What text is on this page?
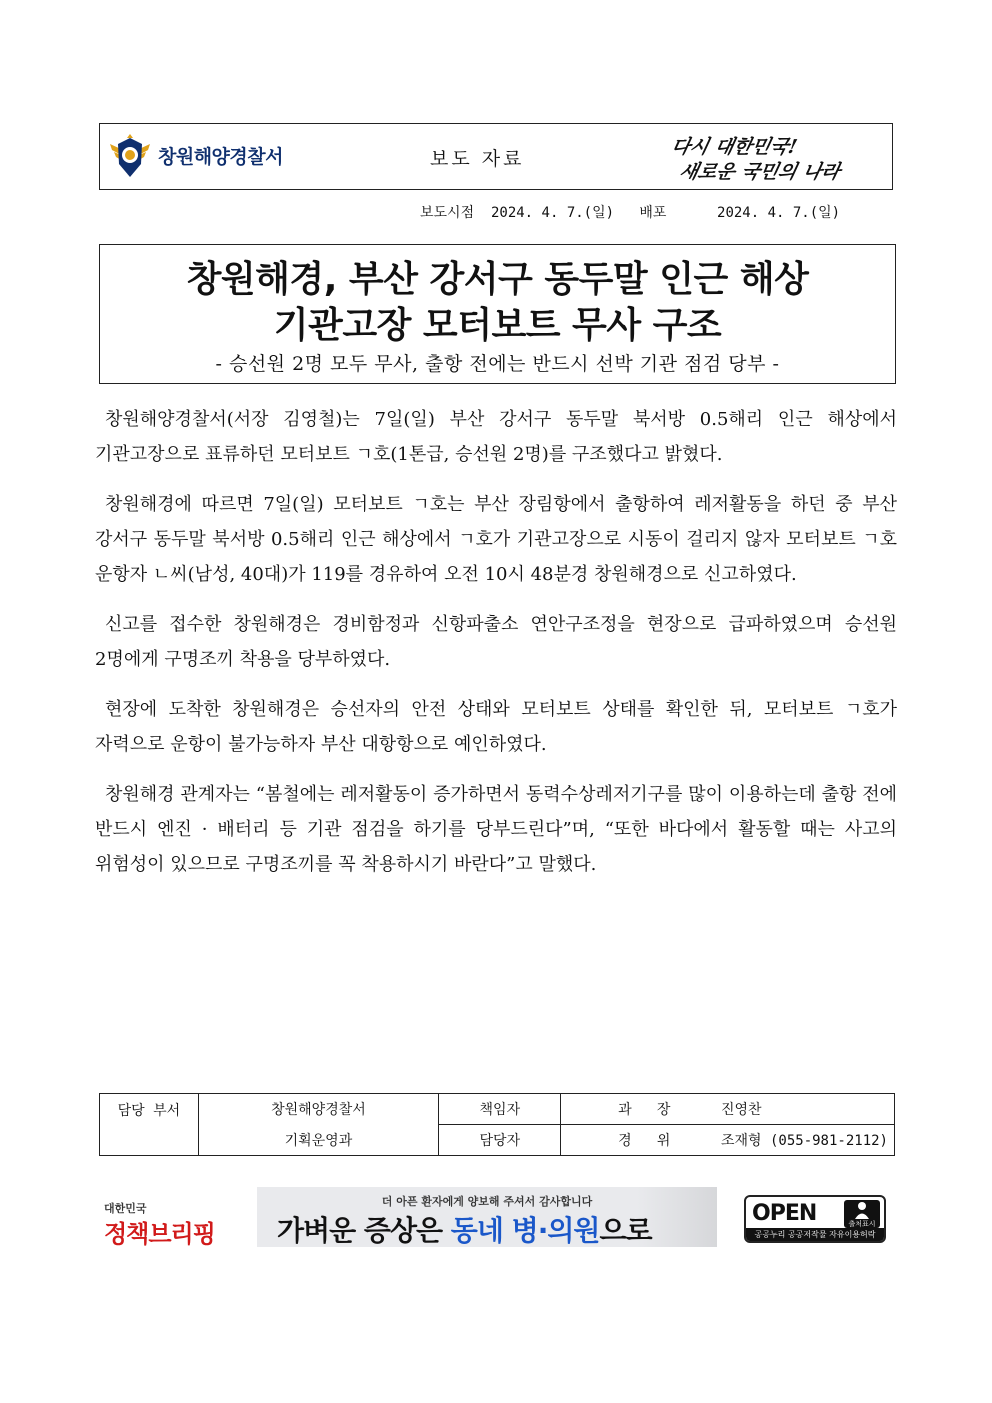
창원해양경찰서	보도 자료
다시 대한민국!
새로운 국민의 나라
보도시점 2024. 4. 7.(일) 배포	2024. 4. 7.(일)
창원해경, 부산 강서구 동두말 인근 해상
기관고장 모터보트 무사 구조
- 승선원 2명 모두 무사, 출항 전에는 반드시 선박 기관 점검 당부 -

창원해양경찰서(서장 김영철)는 7일(일) 부산 강서구 동두말 북서방 0.5해리 인근 해상에서 기관고장으로 표류하던 모터보트 ㄱ호(1톤급, 승선원 2명)를 구조했다고 밝혔다.

창원해경에 따르면 7일(일) 모터보트 ㄱ호는 부산 장림항에서 출항하여 레저활동을 하던 중 부산 강서구 동두말 북서방 0.5해리 인근 해상에서 ㄱ호가 기관고장으로 시동이 걸리지 않자 모터보트 ㄱ호 운항자 ㄴ씨(남성, 40대)가 119를 경유하여 오전 10시 48분경 창원해경으로 신고하였다.

신고를 접수한 창원해경은 경비함정과 신항파출소 연안구조정을 현장으로 급파하였으며 승선원 2명에게 구명조끼 착용을 당부하였다.

현장에 도착한 창원해경은 승선자의 안전 상태와 모터보트 상태를 확인한 뒤, 모터보트 ㄱ호가 자력으로 운항이 불가능하자 부산 대항항으로 예인하였다.

창원해경 관계자는 “봄철에는 레저활동이 증가하면서 동력수상레저기구를 많이 이용하는데 출항 전에 반드시 엔진 · 배터리 등 기관 점검을 하기를 당부드린다”며, “또한 바다에서 활동할 때는 사고의 위험성이 있으므로 구명조끼를 꼭 착용하시기 바란다”고 말했다.

담당 부서	창원해양경찰서	책임자	과   장 진영찬
	기획운영과	담당자	경   위 조재형 (055-981-2112)
대한민국
정책브리핑
더 아픈 환자에게 양보해 주셔서 감사합니다
가벼운 증상은 동네 병·의원으로
OPEN	출처표시
공공누리 공공저작물 자유이용허락
